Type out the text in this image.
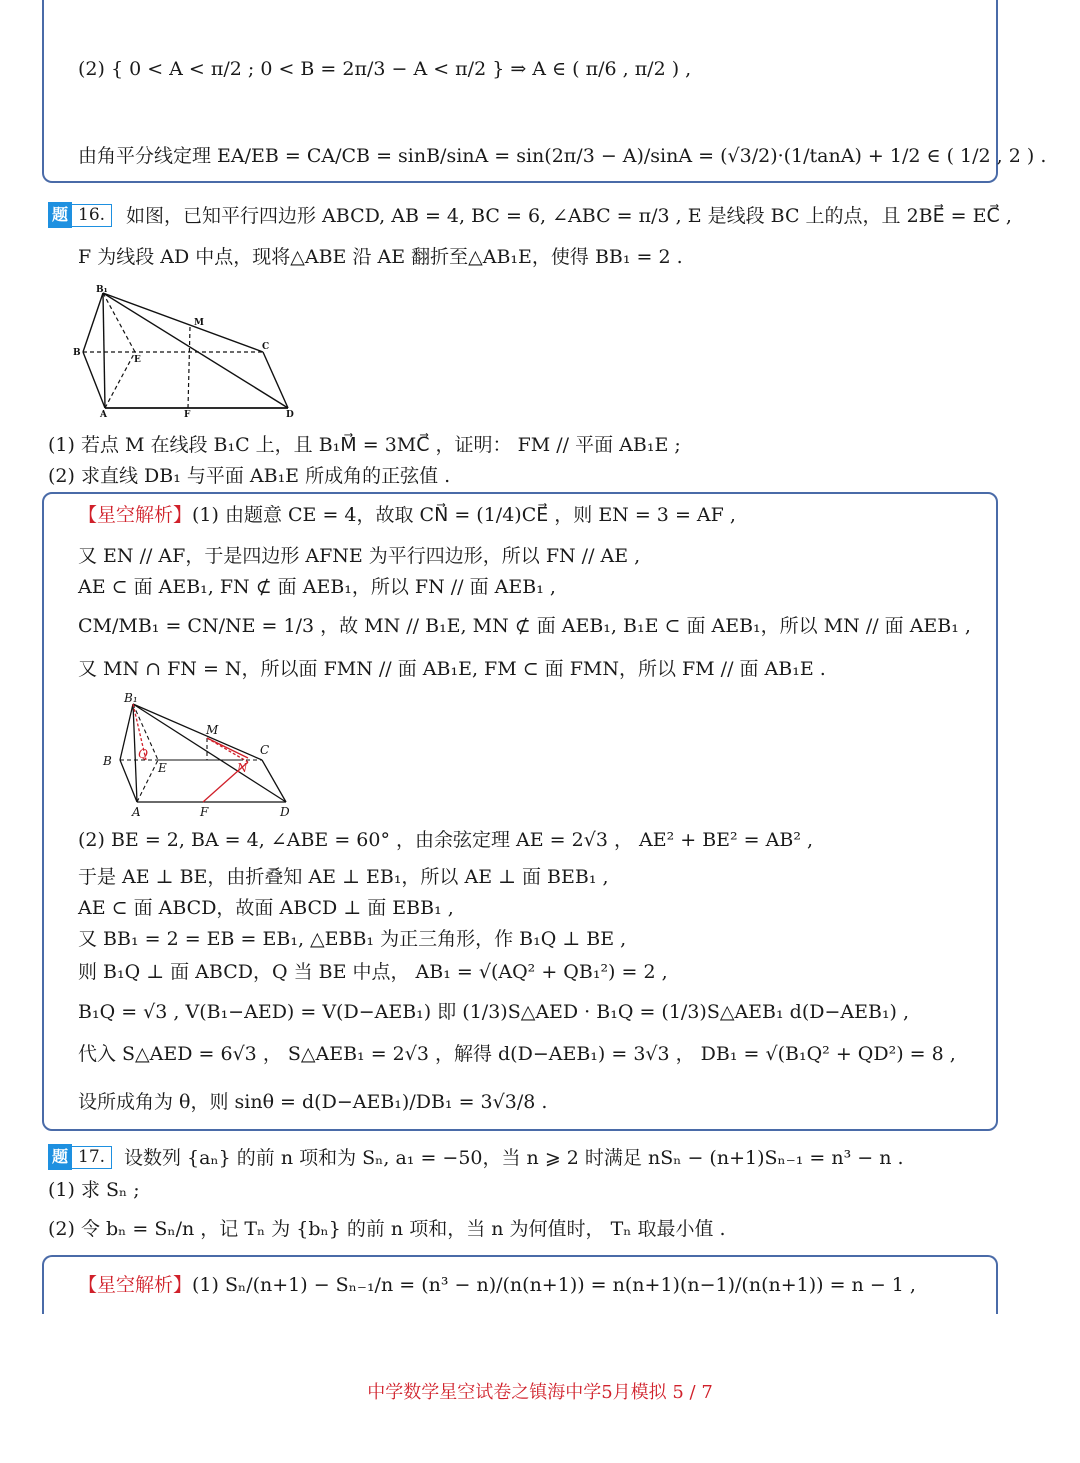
(2) { 0 < A < π/2 ; 0 < B = 2π/3 − A < π/2 } ⇒ A ∈ ( π/6 , π/2 ) ,
由角平分线定理 EA/EB = CA/CB = sinB/sinA = sin(2π/3 − A)/sinA = (√3/2)·(1/tanA) + 1/2 ∈ ( 1/2 , 2 ) .
题 16.	如图，已知平行四边形 ABCD, AB = 4, BC = 6, ∠ABC = π/3 , E 是线段 BC 上的点，且 2BE⃗ = EC⃗ ,
F 为线段 AD 中点，现将△ABE 沿 AE 翻折至△AB₁E，使得 BB₁ = 2 .
B₁
M
B
E
C
A	F	D
(1) 若点 M 在线段 B₁C 上，且 B₁M⃗ = 3MC⃗ ，证明： FM // 平面 AB₁E ;
(2) 求直线 DB₁ 与平面 AB₁E 所成角的正弦值 .
【星空解析】(1) 由题意 CE = 4，故取 CN⃗ = (1/4)CE⃗ ，则 EN = 3 = AF ,
又 EN // AF，于是四边形 AFNE 为平行四边形，所以 FN // AE ,
AE ⊂ 面 AEB₁, FN ⊄ 面 AEB₁，所以 FN // 面 AEB₁ ,
CM/MB₁ = CN/NE = 1/3 ，故 MN // B₁E, MN ⊄ 面 AEB₁, B₁E ⊂ 面 AEB₁，所以 MN // 面 AEB₁ ,
又 MN ∩ FN = N，所以面 FMN // 面 AB₁E, FM ⊂ 面 FMN，所以 FM // 面 AB₁E .
B₁
M
C
B Q
E	N
A	F	D
(2) BE = 2, BA = 4, ∠ABE = 60° ，由余弦定理 AE = 2√3 ， AE² + BE² = AB² ,
于是 AE ⊥ BE，由折叠知 AE ⊥ EB₁，所以 AE ⊥ 面 BEB₁ ,
AE ⊂ 面 ABCD，故面 ABCD ⊥ 面 EBB₁ ,
又 BB₁ = 2 = EB = EB₁, △EBB₁ 为正三角形，作 B₁Q ⊥ BE ,
则 B₁Q ⊥ 面 ABCD，Q 当 BE 中点， AB₁ = √(AQ² + QB₁²) = 2 ,
B₁Q = √3 , V(B₁−AED) = V(D−AEB₁) 即 (1/3)S△AED · B₁Q = (1/3)S△AEB₁ d(D−AEB₁) ,
代入 S△AED = 6√3 ， S△AEB₁ = 2√3 ，解得 d(D−AEB₁) = 3√3 ， DB₁ = √(B₁Q² + QD²) = 8 ,
设所成角为 θ，则 sinθ = d(D−AEB₁)/DB₁ = 3√3/8 .
题 17. 设数列 {aₙ} 的前 n 项和为 Sₙ, a₁ = −50，当 n ⩾ 2 时满足 nSₙ − (n+1)Sₙ₋₁ = n³ − n .
(1) 求 Sₙ ;
(2) 令 bₙ = Sₙ/n ，记 Tₙ 为 {bₙ} 的前 n 项和，当 n 为何值时， Tₙ 取最小值 .
【星空解析】(1) Sₙ/(n+1) − Sₙ₋₁/n = (n³ − n)/(n(n+1)) = n(n+1)(n−1)/(n(n+1)) = n − 1 ,
中学数学星空试卷之镇海中学5月模拟 5 / 7
